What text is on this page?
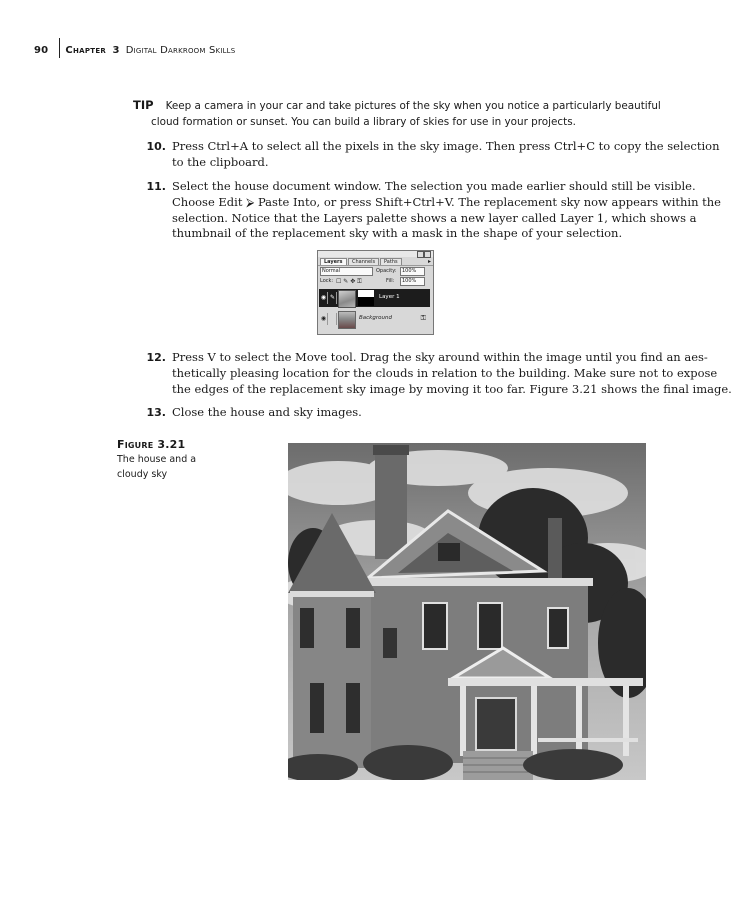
90 Chapter 3 Digital Darkroom Skills
TIP Keep a camera in your car and take pictures of the sky when you notice a particularly beautiful
cloud formation or sunset. You can build a library of skies for use in your projects.
10. Press Ctrl+A to select all the pixels in the sky image. Then press Ctrl+C to copy the selection
to the clipboard.
11. Select the house document window. The selection you made earlier should still be visible.
Choose Edit ⮚ Paste Into, or press Shift+Ctrl+V. The replacement sky now appears within the
selection. Notice that the Layers palette shows a new layer called Layer 1, which shows a
thumbnail of the replacement sky with a mask in the shape of your selection.
Layers	Channels	Paths	▸
Normal	Opacity:	100%
Lock: ☐ ✎ ✥ ⚿	Fill:	100%
◉ ✎	Layer 1
◉	Background	⚿
12. Press V to select the Move tool. Drag the sky around within the image until you find an aes-
thetically pleasing location for the clouds in relation to the building. Make sure not to expose
the edges of the replacement sky image by moving it too far. Figure 3.21 shows the final image.
13. Close the house and sky images.
Figure 3.21
The house and a
cloudy sky
